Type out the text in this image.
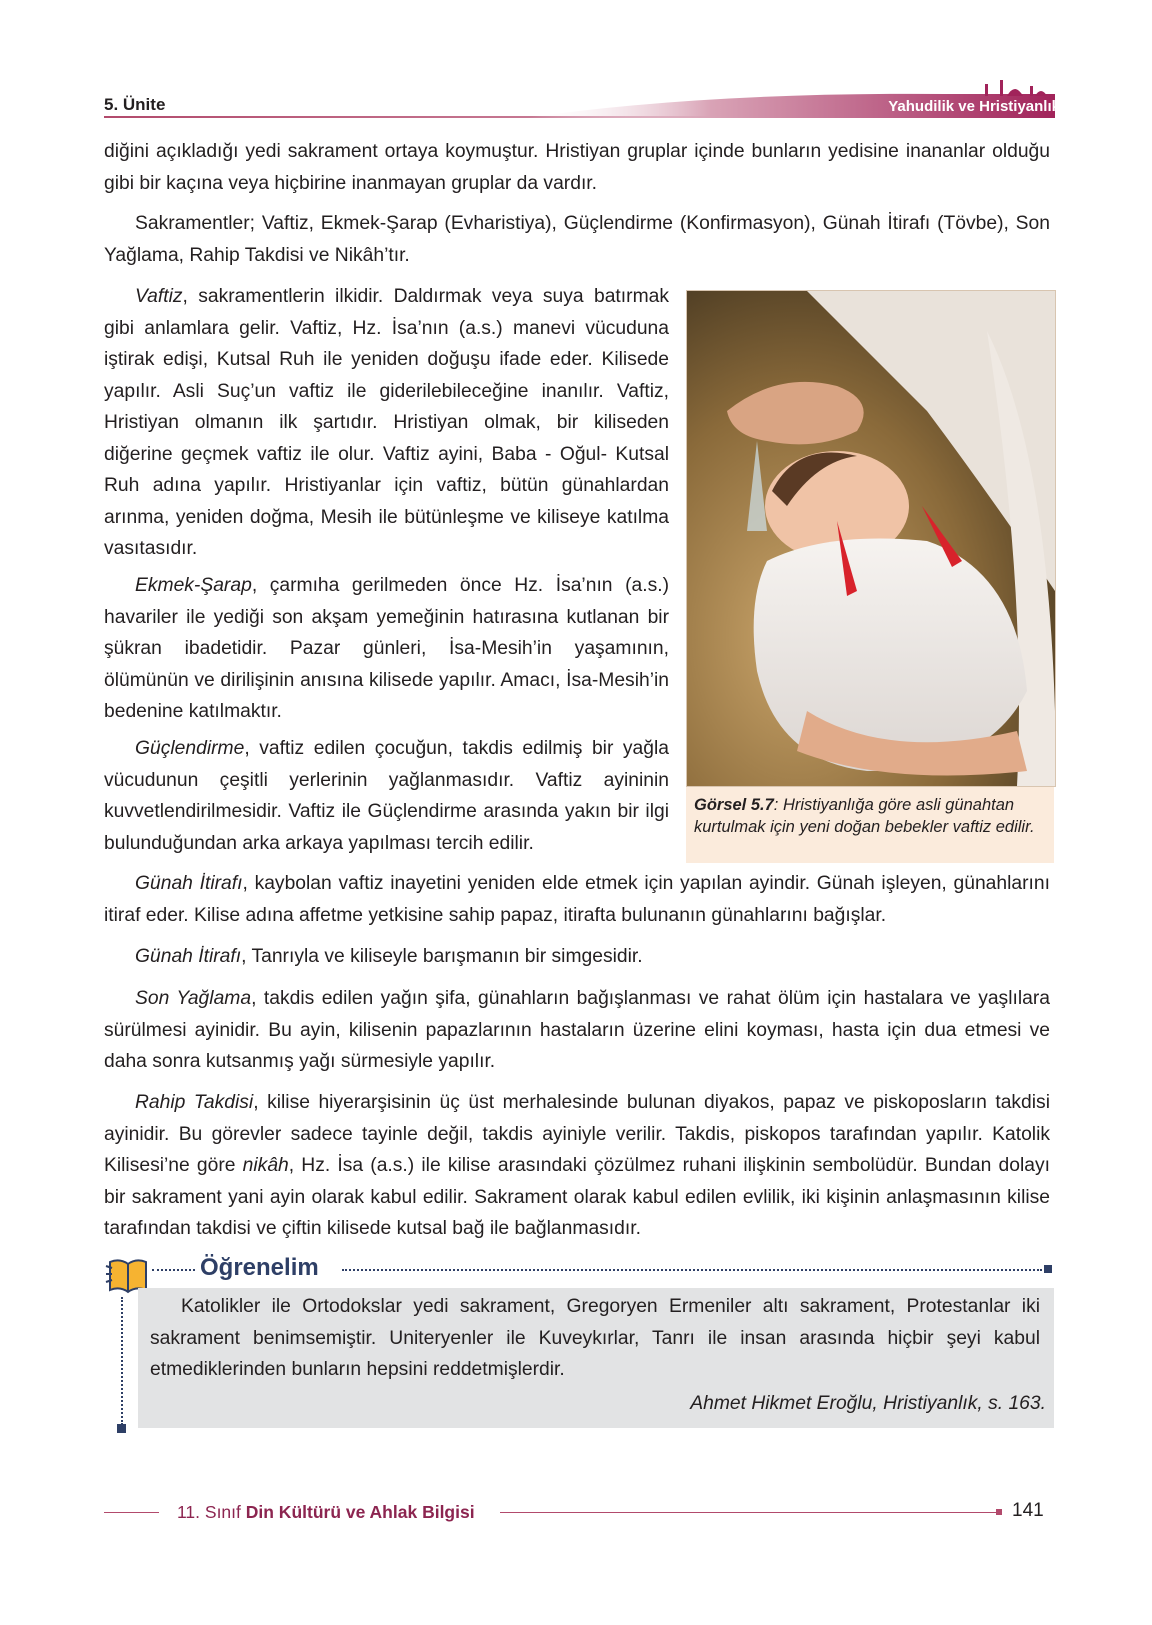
5. Ünite	Yahudilik ve Hristiyanlık

diğini açıkladığı yedi sakrament ortaya koymuştur. Hristiyan gruplar içinde bunların yedisine inananlar olduğu gibi bir kaçına veya hiçbirine inanmayan gruplar da vardır.

Sakramentler; Vaftiz, Ekmek-Şarap (Evharistiya), Güçlendirme (Konfirmasyon), Günah İtirafı (Tövbe), Son Yağlama, Rahip Takdisi ve Nikâh’tır.

Vaftiz, sakramentlerin ilkidir. Daldırmak veya suya batırmak gibi anlamlara gelir. Vaftiz, Hz. İsa’nın (a.s.) manevi vücuduna iştirak edişi, Kutsal Ruh ile yeniden doğuşu ifade eder. Kilisede yapılır. Asli Suç’un vaftiz ile giderilebileceğine inanılır. Vaftiz, Hristiyan olmanın ilk şartıdır. Hristiyan olmak, bir kiliseden diğerine geçmek vaftiz ile olur. Vaftiz ayini, Baba - Oğul- Kutsal Ruh adına yapılır. Hristiyanlar için vaftiz, bütün günahlardan arınma, yeniden doğma, Mesih ile bütünleşme ve kiliseye katılma vasıtasıdır.

Ekmek-Şarap, çarmıha gerilmeden önce Hz. İsa’nın (a.s.) havariler ile yediği son akşam yemeğinin hatırasına kutlanan bir şükran ibadetidir. Pazar günleri, İsa-Mesih’in yaşamının, ölümünün ve dirilişinin anısına kilisede yapılır. Amacı, İsa-Mesih’in bedenine katılmaktır.

Güçlendirme, vaftiz edilen çocuğun, takdis edilmiş bir yağla vücudunun çeşitli yerlerinin yağlanmasıdır. Vaftiz ayininin kuvvetlendirilmesidir. Vaftiz ile Güçlendirme arasında yakın bir ilgi bulunduğundan arka arkaya yapılması tercih edilir.

Günah İtirafı, kaybolan vaftiz inayetini yeniden elde etmek için yapılan ayindir. Günah işleyen, günahlarını itiraf eder. Kilise adına affetme yetkisine sahip papaz, itirafta bulunanın günahlarını bağışlar.

Günah İtirafı, Tanrıyla ve kiliseyle barışmanın bir simgesidir.

Son Yağlama, takdis edilen yağın şifa, günahların bağışlanması ve rahat ölüm için hastalara ve yaşlılara sürülmesi ayinidir. Bu ayin, kilisenin papazlarının hastaların üzerine elini koyması, hasta için dua etmesi ve daha sonra kutsanmış yağı sürmesiyle yapılır.

Rahip Takdisi, kilise hiyerarşisinin üç üst merhalesinde bulunan diyakos, papaz ve piskoposların takdisi ayinidir. Bu görevler sadece tayinle değil, takdis ayiniyle verilir. Takdis, piskopos tarafından yapılır. Katolik Kilisesi’ne göre nikâh, Hz. İsa (a.s.) ile kilise arasındaki çözülmez ruhani ilişkinin sembolüdür. Bundan dolayı bir sakrament yani ayin olarak kabul edilir. Sakrament olarak kabul edilen evlilik, iki kişinin anlaşmasının kilise tarafından takdisi ve çiftin kilisede kutsal bağ ile bağlanmasıdır.

Görsel 5.7: Hristiyanlığa göre asli günahtan kurtulmak için yeni doğan bebekler vaftiz edilir.
Öğrenelim

Katolikler ile Ortodokslar yedi sakrament, Gregoryen Ermeniler altı sakrament, Protestanlar iki sakrament benimsemiştir. Uniteryenler ile Kuveykırlar, Tanrı ile insan arasında hiçbir şeyi kabul etmediklerinden bunların hepsini reddetmişlerdir.

Ahmet Hikmet Eroğlu, Hristiyanlık, s. 163.
11. Sınıf Din Kültürü ve Ahlak Bilgisi	141
